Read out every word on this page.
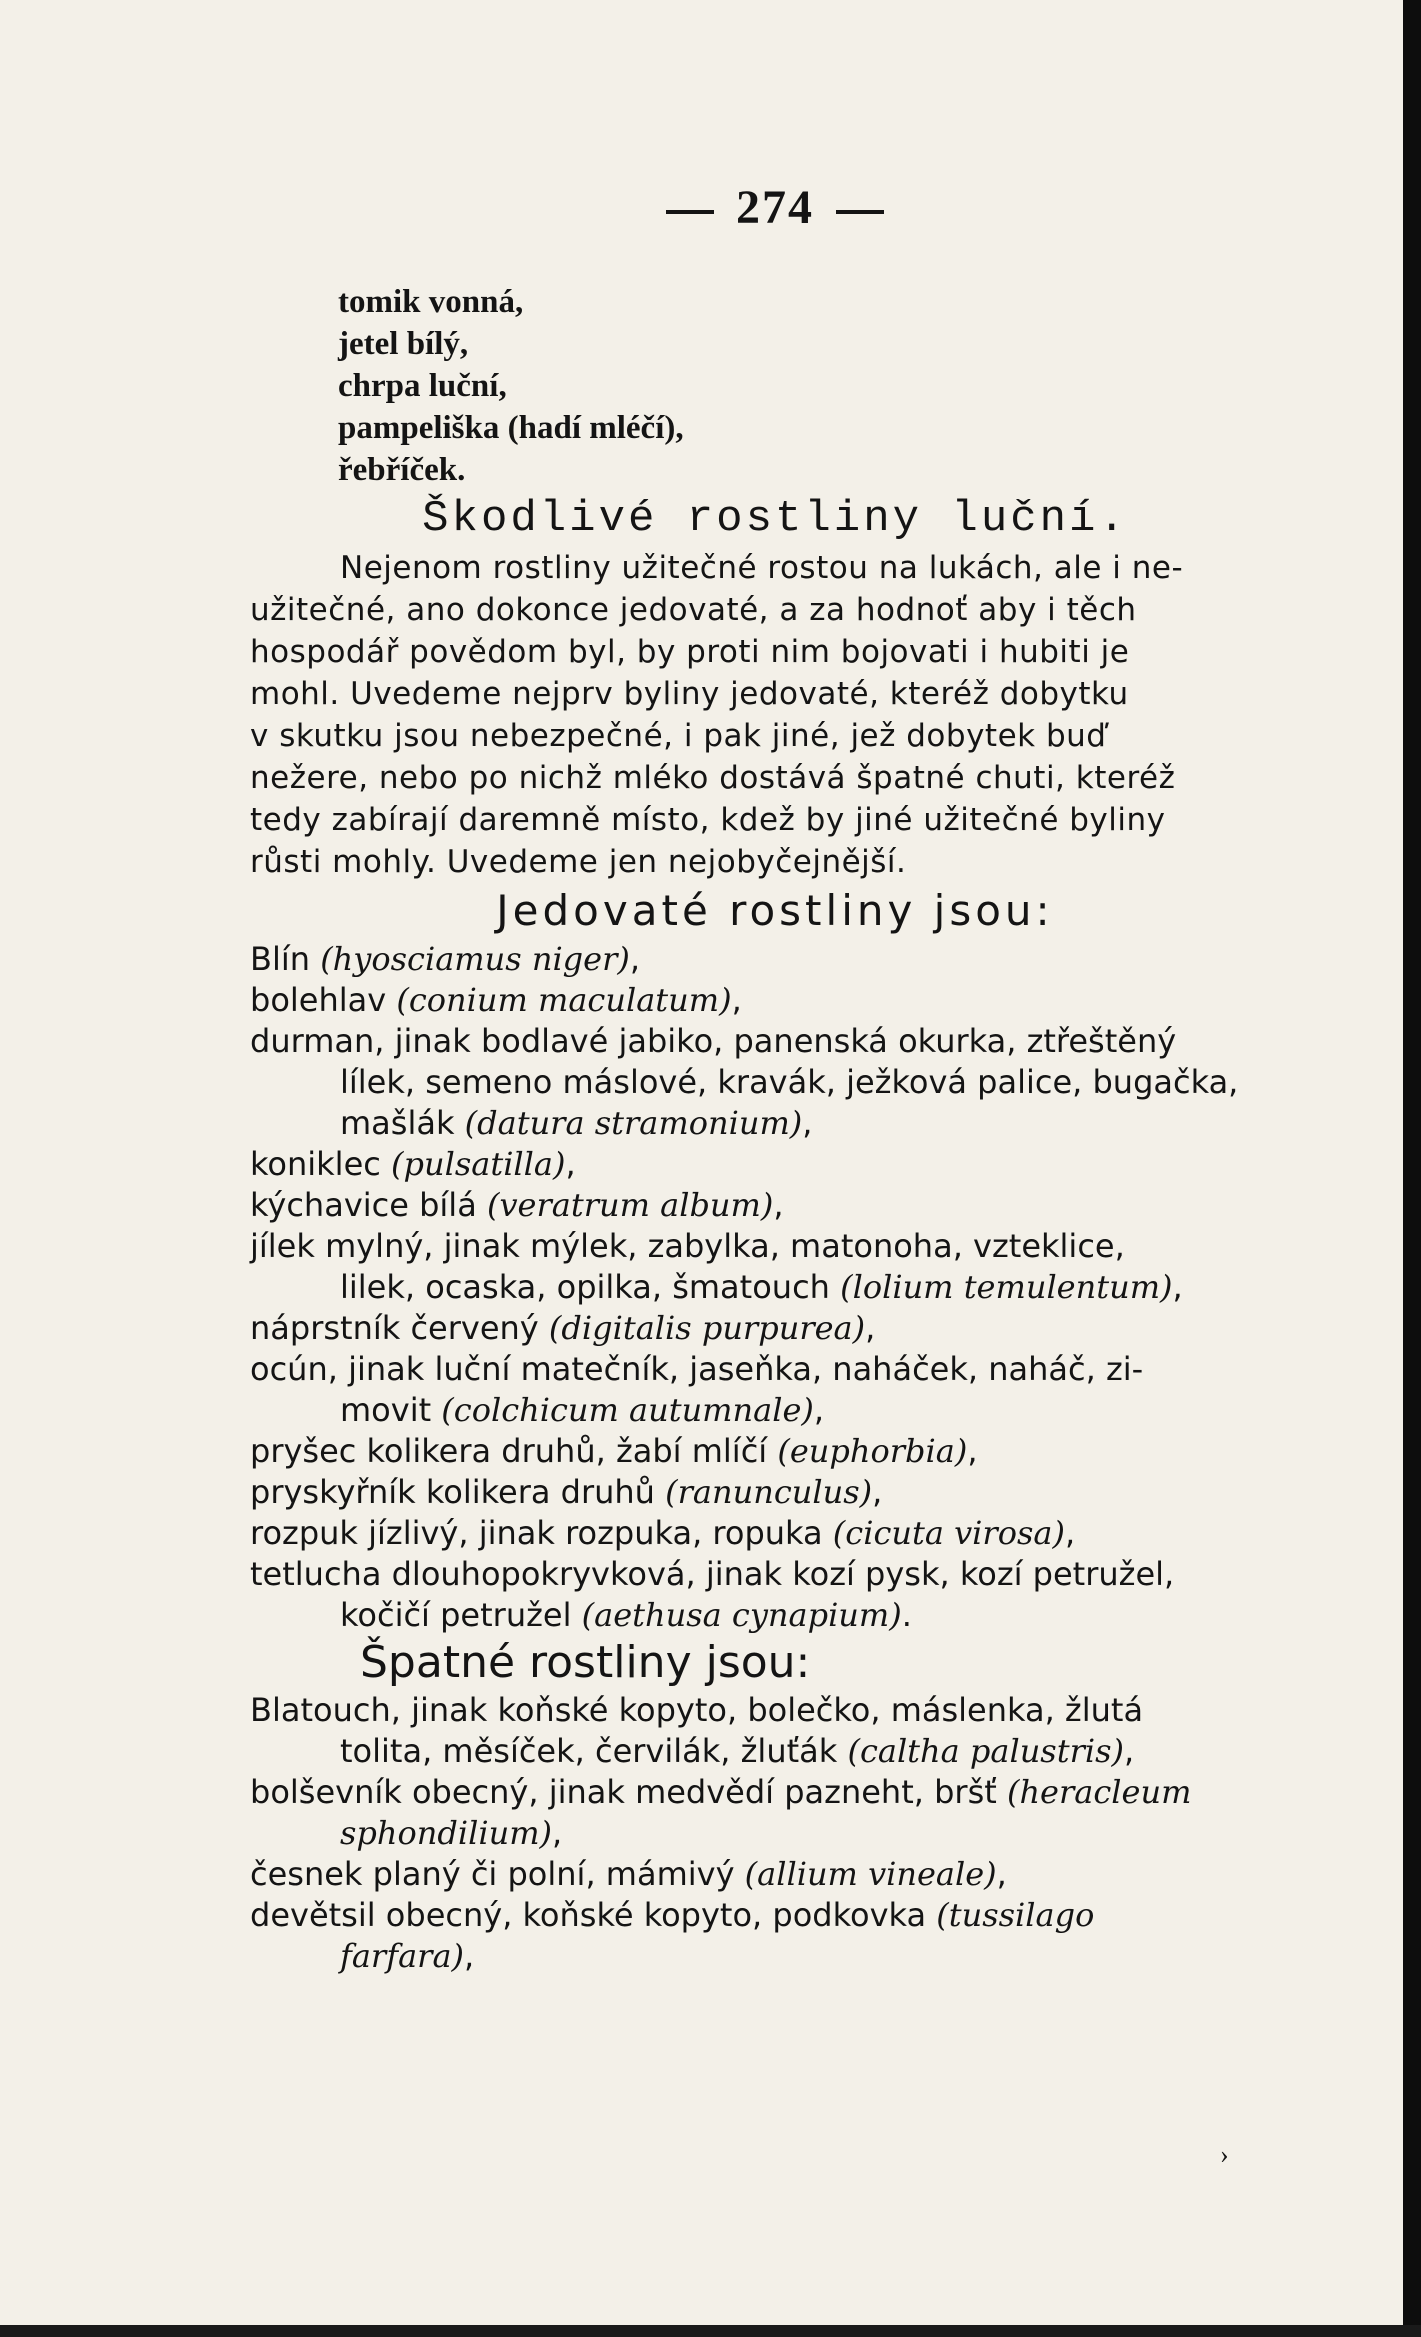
274
tomik vonná,
jetel bílý,
chrpa luční,
pampeliška (hadí mléčí),
řebříček.
Škodlivé rostliny luční.
Nejenom rostliny užitečné rostou na lukách, ale i ne-
užitečné, ano dokonce jedovaté, a za hodnoť aby i těch
hospodář povědom byl, by proti nim bojovati i hubiti je
mohl. Uvedeme nejprv byliny jedovaté, kteréž dobytku
v skutku jsou nebezpečné, i pak jiné, jež dobytek buď
nežere, nebo po nichž mléko dostává špatné chuti, kteréž
tedy zabírají daremně místo, kdež by jiné užitečné byliny
růsti mohly. Uvedeme jen nejobyčejnější.
Jedovaté rostliny jsou:
Blín (hyosciamus niger),
bolehlav (conium maculatum),
durman, jinak bodlavé jabiko, panenská okurka, ztřeštěný
lílek, semeno máslové, kravák, ježková palice, bugačka,
mašlák (datura stramonium),
koniklec (pulsatilla),
kýchavice bílá (veratrum album),
jílek mylný, jinak mýlek, zabylka, matonoha, vzteklice,
lilek, ocaska, opilka, šmatouch (lolium temulentum),
náprstník červený (digitalis purpurea),
ocún, jinak luční matečník, jaseňka, naháček, naháč, zi-
movit (colchicum autumnale),
pryšec kolikera druhů, žabí mlíčí (euphorbia),
pryskyřník kolikera druhů (ranunculus),
rozpuk jízlivý, jinak rozpuka, ropuka (cicuta virosa),
tetlucha dlouhopokryvková, jinak kozí pysk, kozí petružel,
kočičí petružel (aethusa cynapium).
Špatné rostliny jsou:
Blatouch, jinak koňské kopyto, bolečko, máslenka, žlutá
tolita, měsíček, červilák, žluťák (caltha palustris),
bolševník obecný, jinak medvědí pazneht, bršť (heracleum
sphondilium),
česnek planý či polní, mámivý (allium vineale),
devětsil obecný, koňské kopyto, podkovka (tussilago
farfara),
›
